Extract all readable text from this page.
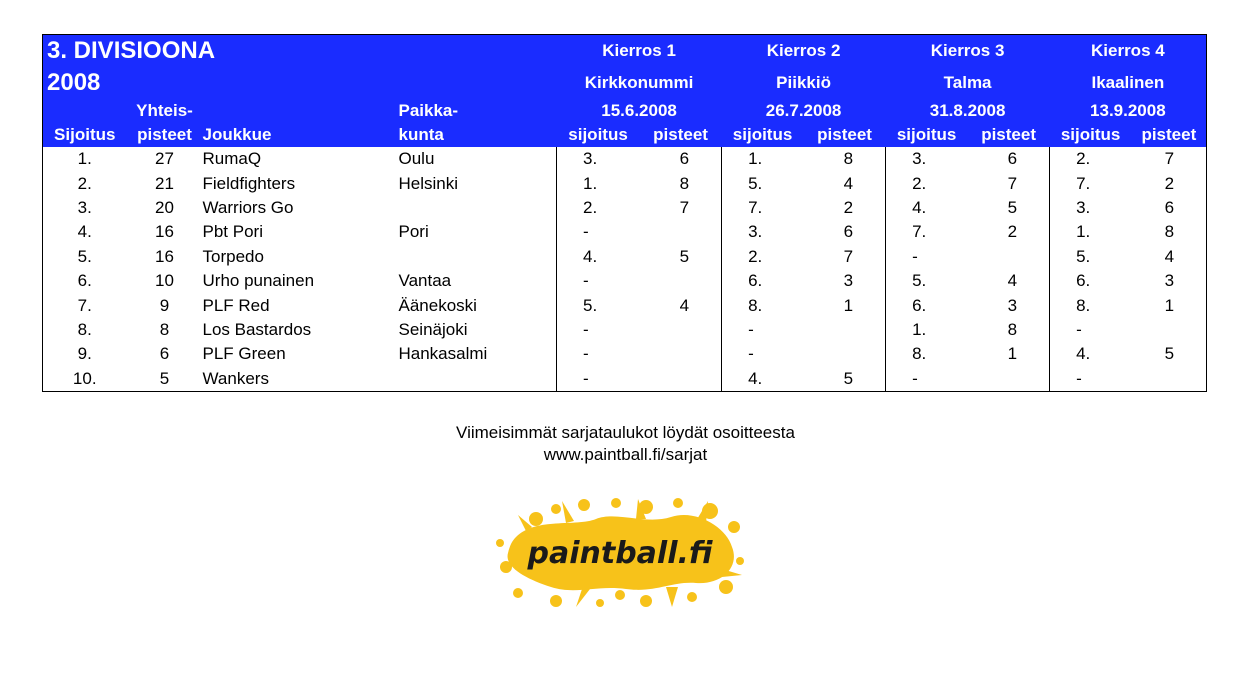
3. DIVISIOONA				Kierros 1		Kierros 2		Kierros 3		Kierros 4	
2008				Kirkkonummi		Piikkiö		Talma		Ikaalinen	
	Yhteis-		Paikka-	15.6.2008		26.7.2008		31.8.2008		13.9.2008	
Sijoitus	pisteet	Joukkue	kunta	sijoitus	pisteet	sijoitus	pisteet	sijoitus	pisteet	sijoitus	pisteet
1.	27	RumaQ	Oulu	3.	6	1.	8	3.	6	2.	7
2.	21	Fieldfighters	Helsinki	1.	8	5.	4	2.	7	7.	2
3.	20	Warriors Go		2.	7	7.	2	4.	5	3.	6
4.	16	Pbt Pori	Pori	-		3.	6	7.	2	1.	8
5.	16	Torpedo		4.	5	2.	7	-		5.	4
6.	10	Urho punainen	Vantaa	-		6.	3	5.	4	6.	3
7.	9	PLF Red	Äänekoski	5.	4	8.	1	6.	3	8.	1
8.	8	Los Bastardos	Seinäjoki	-		-		1.	8	-	
9.	6	PLF Green	Hankasalmi	-		-		8.	1	4.	5
10.	5	Wankers		-		4.	5	-		-	
Viimeisimmät sarjataulukot löydät osoitteesta
www.paintball.fi/sarjat
paintball.fi
